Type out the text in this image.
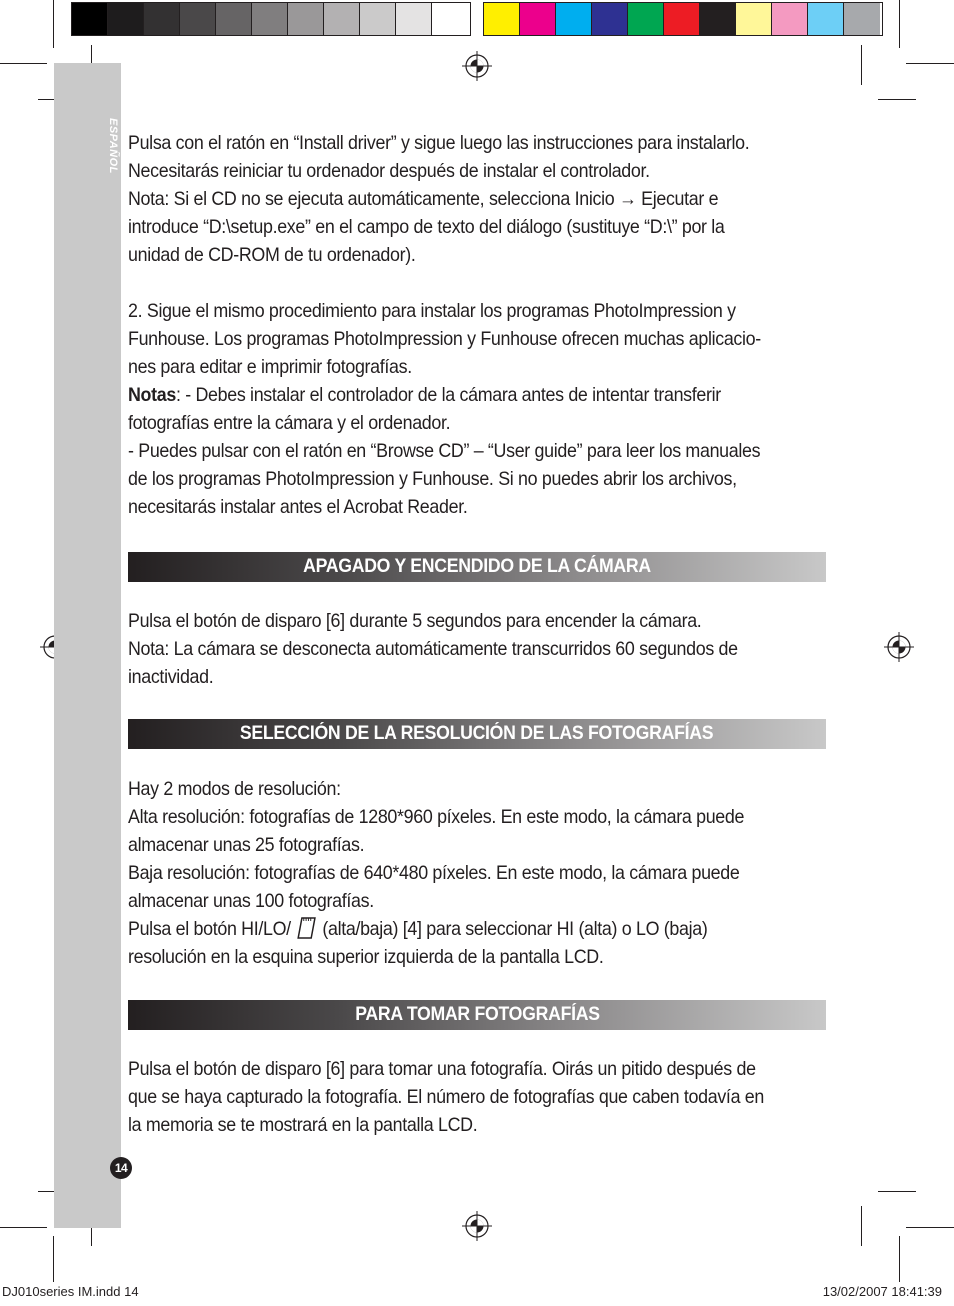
ESPAÑOL
14

Pulsa con el ratón en “Install driver” y sigue luego las instrucciones para instalarlo. Necesitarás reiniciar tu ordenador después de instalar el controlador.

Nota: Si el CD no se ejecuta automáticamente, selecciona Inicio → Ejecutar e introduce “D:\setup.exe” en el campo de texto del diálogo (sustituye “D:\” por la unidad de CD-ROM de tu ordenador).

2. Sigue el mismo procedimiento para instalar los programas PhotoImpression y Funhouse. Los programas PhotoImpression y Funhouse ofrecen muchas aplicacio-nes para editar e imprimir fotografías.

Notas: - Debes instalar el controlador de la cámara antes de intentar transferir fotografías entre la cámara y el ordenador.

- Puedes pulsar con el ratón en “Browse CD” – “User guide” para leer los manuales de los programas PhotoImpression y Funhouse. Si no puedes abrir los archivos, necesitarás instalar antes el Acrobat Reader.

APAGADO Y ENCENDIDO DE LA CÁMARA

Pulsa el botón de disparo [6] durante 5 segundos para encender la cámara.

Nota: La cámara se desconecta automáticamente transcurridos 60 segundos de inactividad.

SELECCIÓN DE LA RESOLUCIÓN DE LAS FOTOGRAFÍAS

Hay 2 modos de resolución:

Alta resolución: fotografías de 1280*960 píxeles. En este modo, la cámara puede almacenar unas 25 fotografías.

Baja resolución: fotografías de 640*480 píxeles. En este modo, la cámara puede almacenar unas 100 fotografías.

Pulsa el botón HI/LO/  (alta/baja) [4] para seleccionar HI (alta) o LO (baja) resolución en la esquina superior izquierda de la pantalla LCD.

PARA TOMAR FOTOGRAFÍAS

Pulsa el botón de disparo [6] para tomar una fotografía. Oirás un pitido después de que se haya capturado la fotografía. El número de fotografías que caben todavía en la memoria se te mostrará en la pantalla LCD.

DJ010series IM.indd 14	13/02/2007 18:41:39
